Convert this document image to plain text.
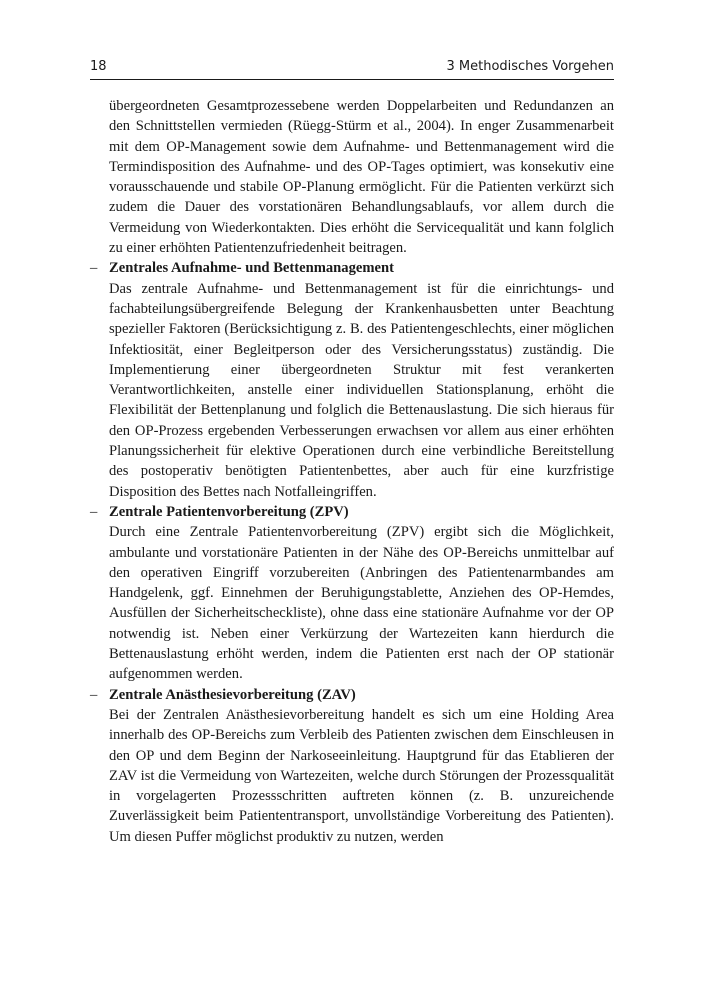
18	3 Methodisches Vorgehen

übergeordneten Gesamtprozessebene werden Doppelarbeiten und Redundanzen an den Schnittstellen vermieden (Rüegg-Stürm et al., 2004). In enger Zusammenarbeit mit dem OP-Management sowie dem Aufnahme- und Bettenmanagement wird die Termindisposition des Aufnahme- und des OP-Tages optimiert, was konsekutiv eine vorausschauende und stabile OP-Planung ermöglicht. Für die Patienten verkürzt sich zudem die Dauer des vorstationären Behandlungsablaufs, vor allem durch die Vermeidung von Wiederkontakten. Dies erhöht die Servicequalität und kann folglich zu einer erhöhten Patientenzufriedenheit beitragen.

– Zentrales Aufnahme- und Bettenmanagement

Das zentrale Aufnahme- und Bettenmanagement ist für die einrichtungs- und fachabteilungsübergreifende Belegung der Krankenhausbetten unter Beachtung spezieller Faktoren (Berücksichtigung z. B. des Patientengeschlechts, einer möglichen Infektiosität, einer Begleitperson oder des Versicherungsstatus) zuständig. Die Implementierung einer übergeordneten Struktur mit fest verankerten Verantwortlichkeiten, anstelle einer individuellen Stationsplanung, erhöht die Flexibilität der Bettenplanung und folglich die Bettenauslastung. Die sich hieraus für den OP-Prozess ergebenden Verbesserungen erwachsen vor allem aus einer erhöhten Planungssicherheit für elektive Operationen durch eine verbindliche Bereitstellung des postoperativ benötigten Patientenbettes, aber auch für eine kurzfristige Disposition des Bettes nach Notfalleingriffen.

– Zentrale Patientenvorbereitung (ZPV)

Durch eine Zentrale Patientenvorbereitung (ZPV) ergibt sich die Möglichkeit, ambulante und vorstationäre Patienten in der Nähe des OP-Bereichs unmittelbar auf den operativen Eingriff vorzubereiten (Anbringen des Patientenarmbandes am Handgelenk, ggf. Einnehmen der Beruhigungstablette, Anziehen des OP-Hemdes, Ausfüllen der Sicherheitscheckliste), ohne dass eine stationäre Aufnahme vor der OP notwendig ist. Neben einer Verkürzung der Wartezeiten kann hierdurch die Bettenauslastung erhöht werden, indem die Patienten erst nach der OP stationär aufgenommen werden.

– Zentrale Anästhesievorbereitung (ZAV)

Bei der Zentralen Anästhesievorbereitung handelt es sich um eine Holding Area innerhalb des OP-Bereichs zum Verbleib des Patienten zwischen dem Einschleusen in den OP und dem Beginn der Narkoseeinleitung. Hauptgrund für das Etablieren der ZAV ist die Vermeidung von Wartezeiten, welche durch Störungen der Prozessqualität in vorgelagerten Prozessschritten auftreten können (z. B. unzureichende Zuverlässigkeit beim Patiententransport, unvollständige Vorbereitung des Patienten). Um diesen Puffer möglichst produktiv zu nutzen, werden
